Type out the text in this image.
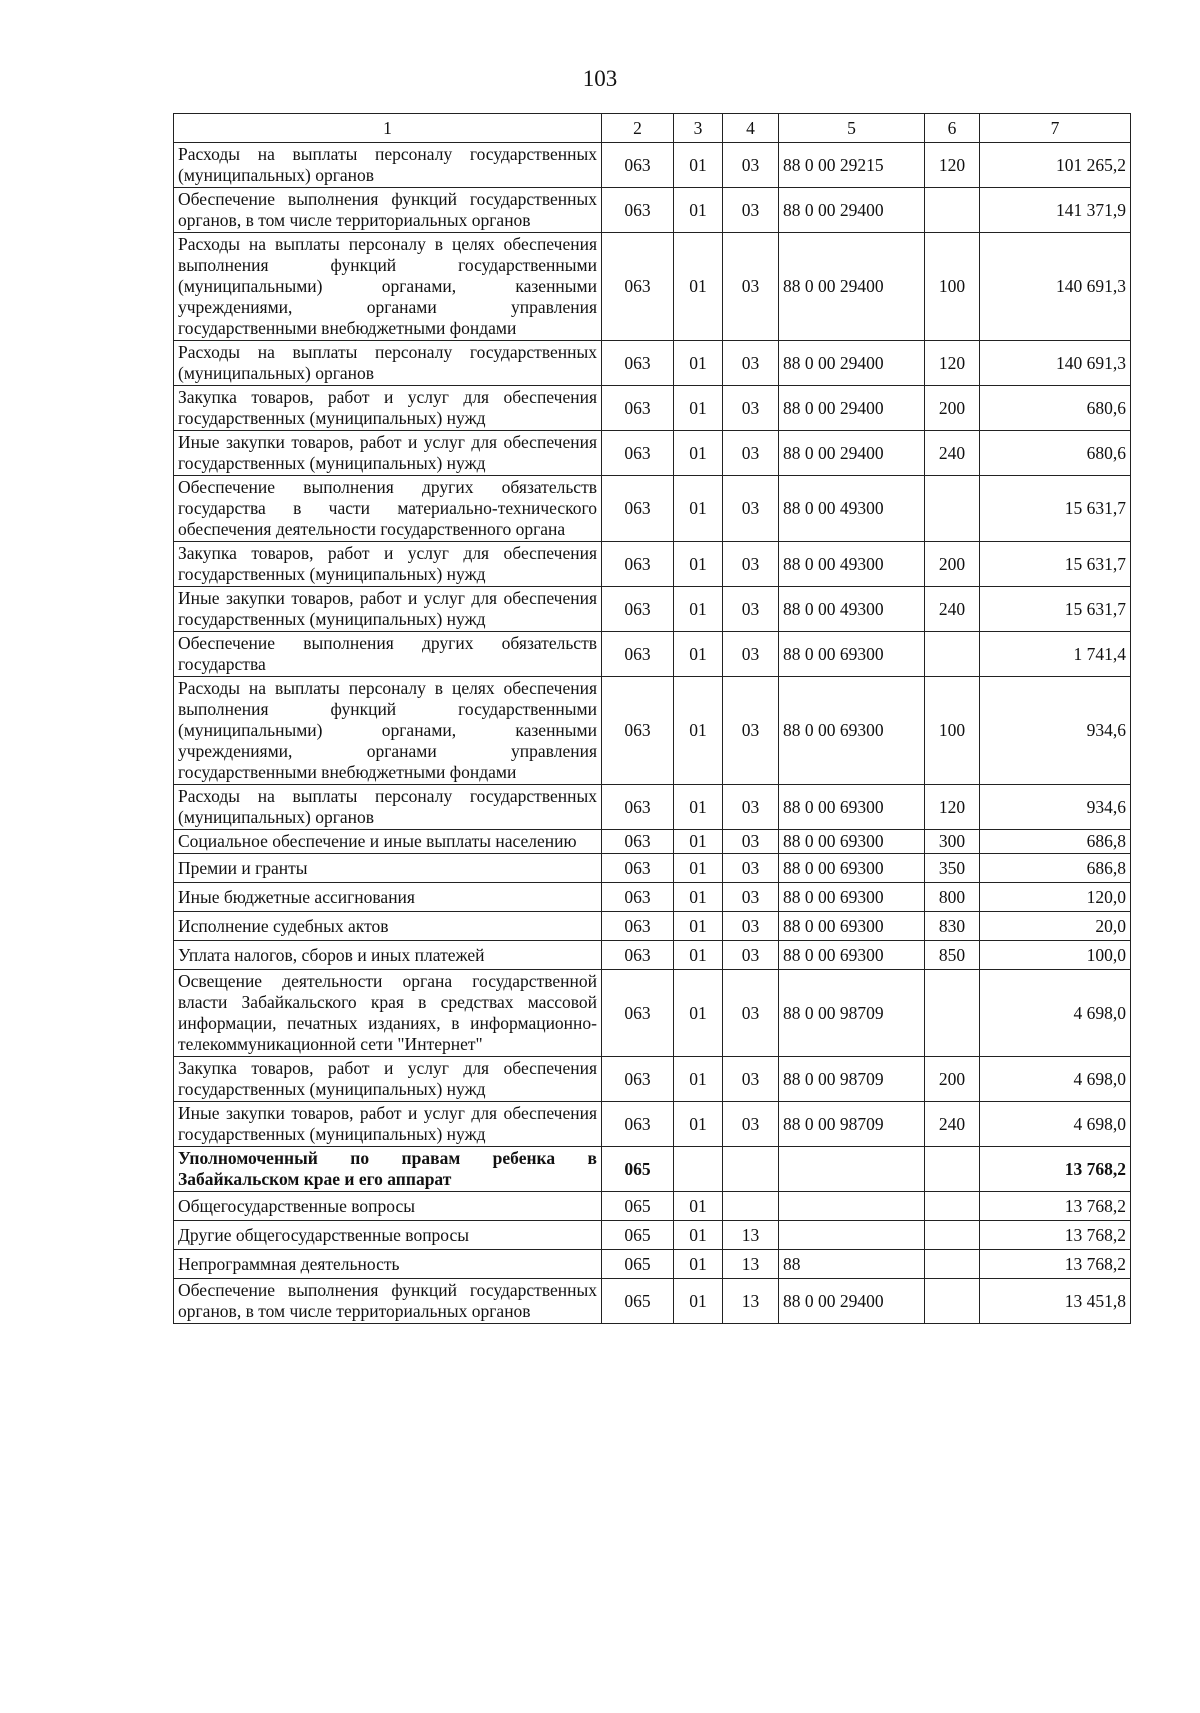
103
1	2	3	4	5	6	7
Расходы на выплаты персоналу государственных (муниципальных) органов	063	01	03	88 0 00 29215	120	101 265,2
Обеспечение выполнения функций государственных органов, в том числе территориальных органов	063	01	03	88 0 00 29400		141 371,9
Расходы на выплаты персоналу в целях обеспечения выполнения функций государственными (муниципальными) органами, казенными учреждениями, органами управления государственными внебюджетными фондами	063	01	03	88 0 00 29400	100	140 691,3
Расходы на выплаты персоналу государственных (муниципальных) органов	063	01	03	88 0 00 29400	120	140 691,3
Закупка товаров, работ и услуг для обеспечения государственных (муниципальных) нужд	063	01	03	88 0 00 29400	200	680,6
Иные закупки товаров, работ и услуг для обеспечения государственных (муниципальных) нужд	063	01	03	88 0 00 29400	240	680,6
Обеспечение выполнения других обязательств государства в части материально-технического обеспечения деятельности государственного органа	063	01	03	88 0 00 49300		15 631,7
Закупка товаров, работ и услуг для обеспечения государственных (муниципальных) нужд	063	01	03	88 0 00 49300	200	15 631,7
Иные закупки товаров, работ и услуг для обеспечения государственных (муниципальных) нужд	063	01	03	88 0 00 49300	240	15 631,7
Обеспечение выполнения других обязательств государства	063	01	03	88 0 00 69300		1 741,4
Расходы на выплаты персоналу в целях обеспечения выполнения функций государственными (муниципальными) органами, казенными учреждениями, органами управления государственными внебюджетными фондами	063	01	03	88 0 00 69300	100	934,6
Расходы на выплаты персоналу государственных (муниципальных) органов	063	01	03	88 0 00 69300	120	934,6
Социальное обеспечение и иные выплаты населению	063	01	03	88 0 00 69300	300	686,8
Премии и гранты	063	01	03	88 0 00 69300	350	686,8
Иные бюджетные ассигнования	063	01	03	88 0 00 69300	800	120,0
Исполнение судебных актов	063	01	03	88 0 00 69300	830	20,0
Уплата налогов, сборов и иных платежей	063	01	03	88 0 00 69300	850	100,0
Освещение деятельности органа государственной власти Забайкальского края в средствах массовой информации, печатных изданиях, в информационно-телекоммуникационной сети "Интернет"	063	01	03	88 0 00 98709		4 698,0
Закупка товаров, работ и услуг для обеспечения государственных (муниципальных) нужд	063	01	03	88 0 00 98709	200	4 698,0
Иные закупки товаров, работ и услуг для обеспечения государственных (муниципальных) нужд	063	01	03	88 0 00 98709	240	4 698,0
Уполномоченный по правам ребенка в Забайкальском крае и его аппарат	065					13 768,2
Общегосударственные вопросы	065	01				13 768,2
Другие общегосударственные вопросы	065	01	13			13 768,2
Непрограммная деятельность	065	01	13	88		13 768,2
Обеспечение выполнения функций государственных органов, в том числе территориальных органов	065	01	13	88 0 00 29400		13 451,8
